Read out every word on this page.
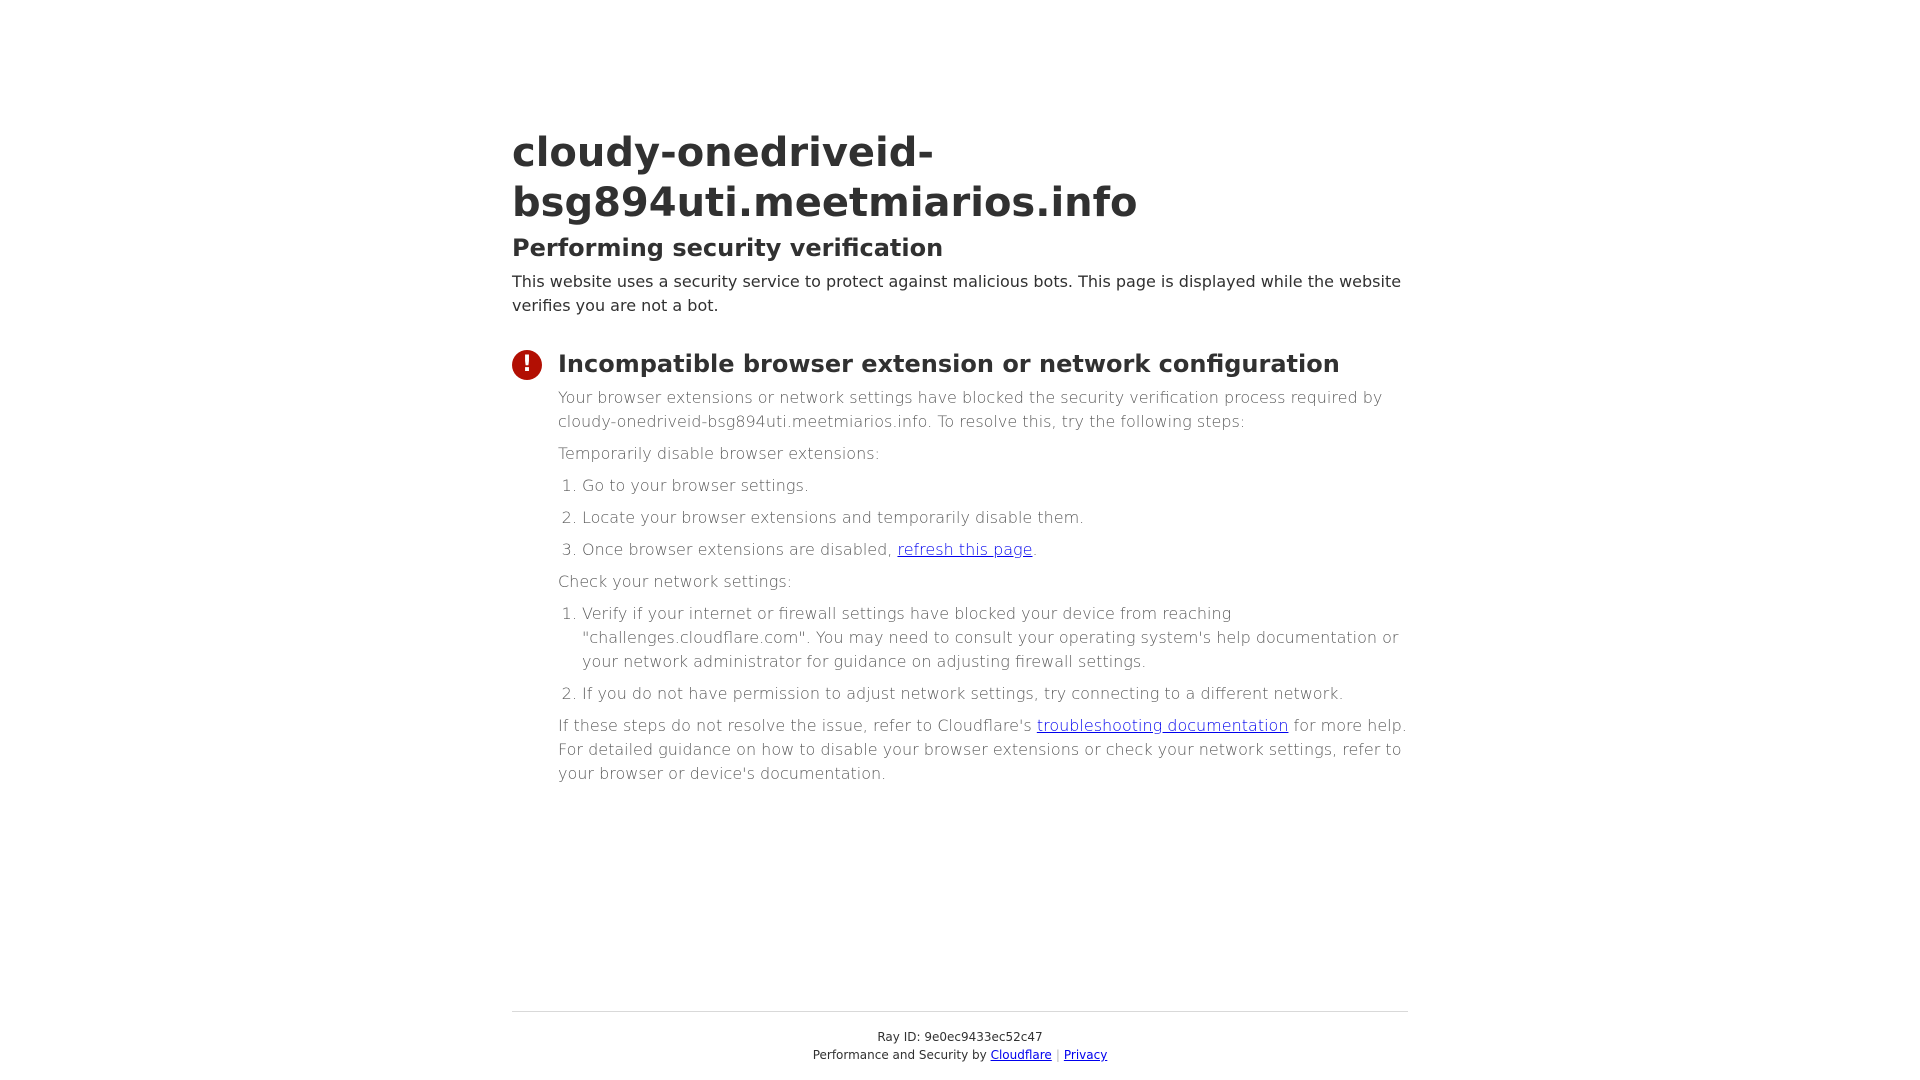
cloudy-onedriveid-bsg894uti.meetmiarios.info
Performing security verification

This website uses a security service to protect against malicious bots. This page is displayed while the website verifies you are not a bot.

!	Incompatible browser extension or network configuration

Your browser extensions or network settings have blocked the security verification process required by cloudy-onedriveid-bsg894uti.meetmiarios.info. To resolve this, try the following steps:

Temporarily disable browser extensions:

1. Go to your browser settings.
2. Locate your browser extensions and temporarily disable them.
3. Once browser extensions are disabled, refresh this page.

Check your network settings:

1. Verify if your internet or firewall settings have blocked your device from reaching "challenges.cloudflare.com". You may need to consult your operating system's help documentation or your network administrator for guidance on adjusting firewall settings.
2. If you do not have permission to adjust network settings, try connecting to a different network.

If these steps do not resolve the issue, refer to Cloudflare's troubleshooting documentation for more help. For detailed guidance on how to disable your browser extensions or check your network settings, refer to your browser or device's documentation.

Ray ID: 9e0ec9433ec52c47
Performance and Security by Cloudflare | Privacy
